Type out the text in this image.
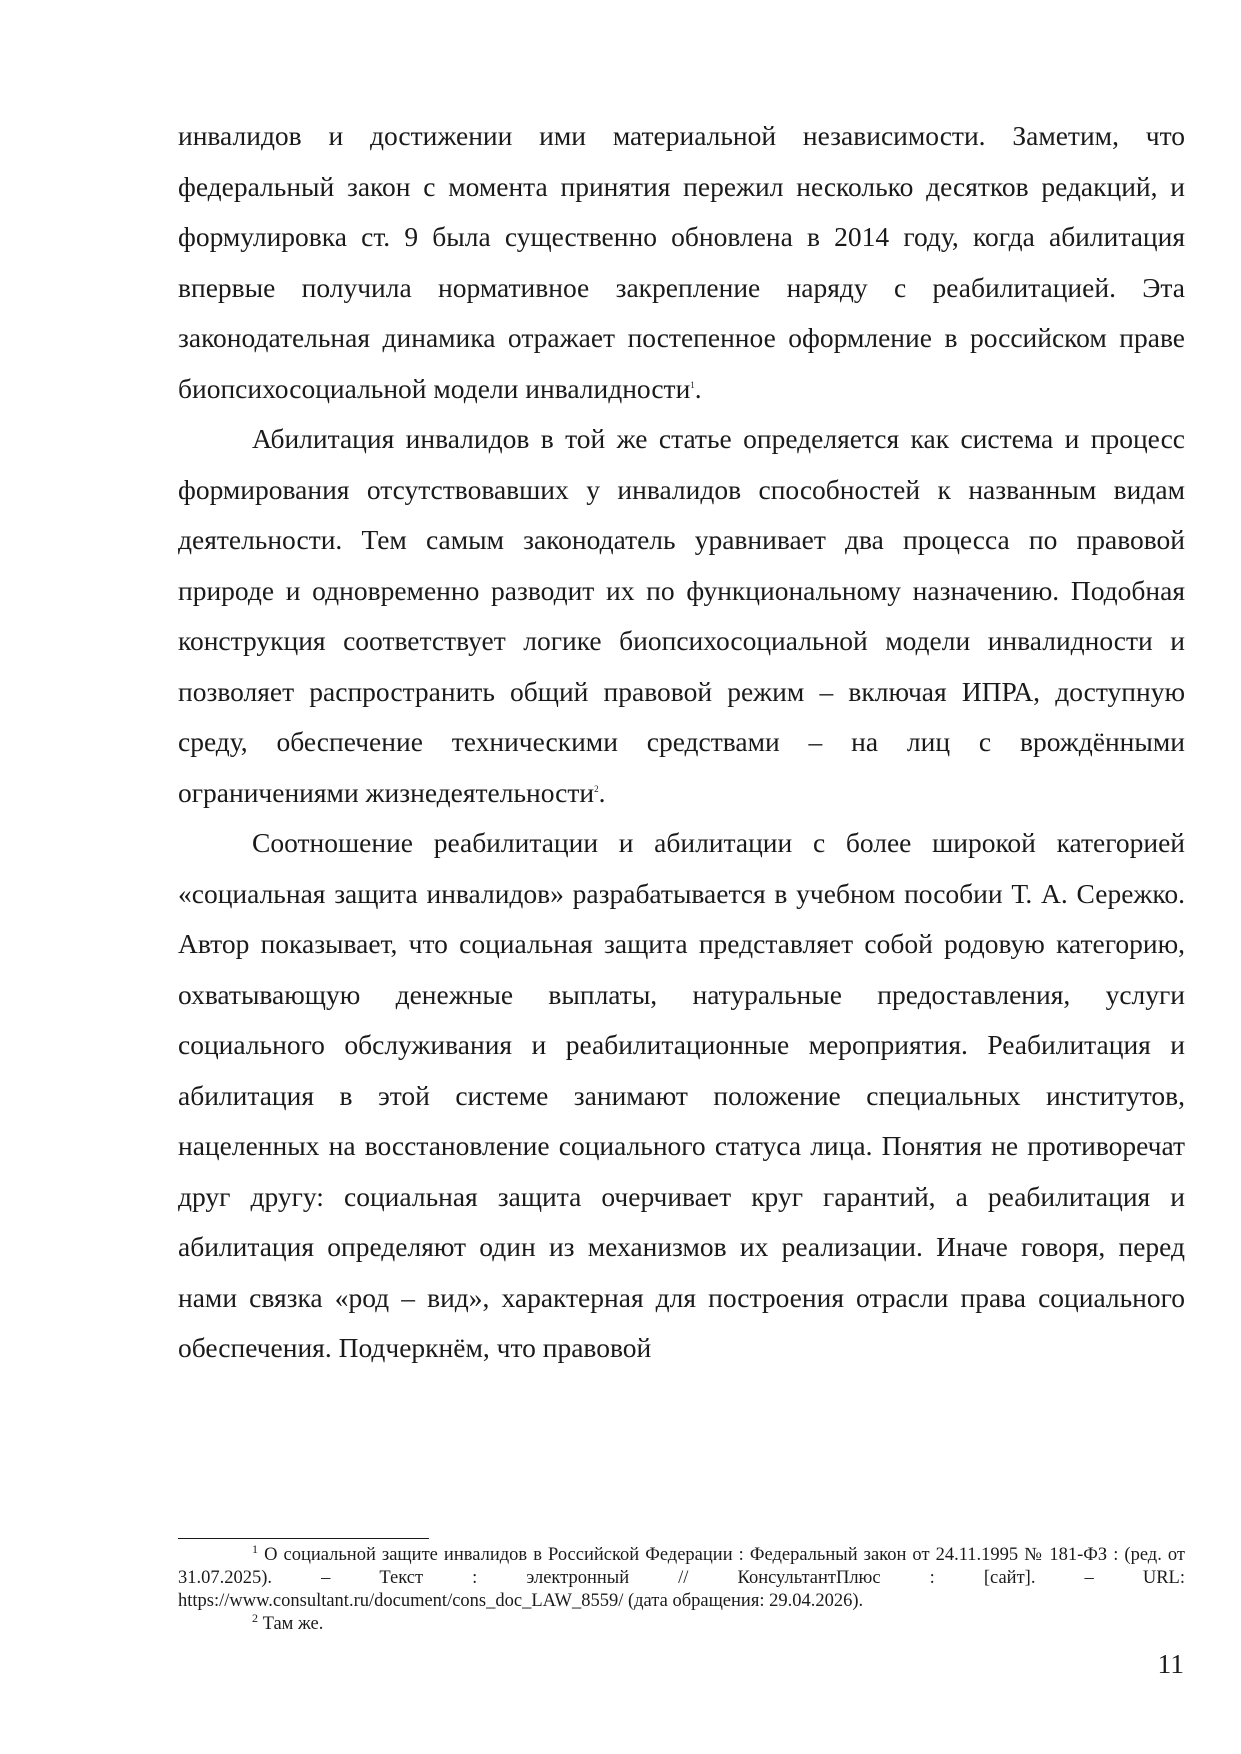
инвалидов и достижении ими материальной независимости. Заметим, что федеральный закон с момента принятия пережил несколько десятков редакций, и формулировка ст. 9 была существенно обновлена в 2014 году, когда абилитация впервые получила нормативное закрепление наряду с реабилитацией. Эта законодательная динамика отражает постепенное оформление в российском праве биопсихосоциальной модели инвалидности$^1$.

Абилитация инвалидов в той же статье определяется как система и процесс формирования отсутствовавших у инвалидов способностей к названным видам деятельности. Тем самым законодатель уравнивает два процесса по правовой природе и одновременно разводит их по функциональному назначению. Подобная конструкция соответствует логике биопсихосоциальной модели инвалидности и позволяет распространить общий правовой режим – включая ИПРА, доступную среду, обеспечение техническими средствами – на лиц с врождёнными ограничениями жизнедеятельности$^2$.

Соотношение реабилитации и абилитации с более широкой категорией «социальная защита инвалидов» разрабатывается в учебном пособии Т. А. Сережко. Автор показывает, что социальная защита представляет собой родовую категорию, охватывающую денежные выплаты, натуральные предоставления, услуги социального обслуживания и реабилитационные мероприятия. Реабилитация и абилитация в этой системе занимают положение специальных институтов, нацеленных на восстановление социального статуса лица. Понятия не противоречат друг другу: социальная защита очерчивает круг гарантий, а реабилитация и абилитация определяют один из механизмов их реализации. Иначе говоря, перед нами связка «род – вид», характерная для построения отрасли права социального обеспечения. Подчеркнём, что правовой

$^1$ О социальной защите инвалидов в Российской Федерации : Федеральный закон от 24.11.1995 № 181-ФЗ : (ред. от 31.07.2025). – Текст : электронный // КонсультантПлюс : [сайт]. – URL: https://www.consultant.ru/document/cons_doc_LAW_8559/ (дата обращения: 29.04.2026).

$^2$ Там же.

11
